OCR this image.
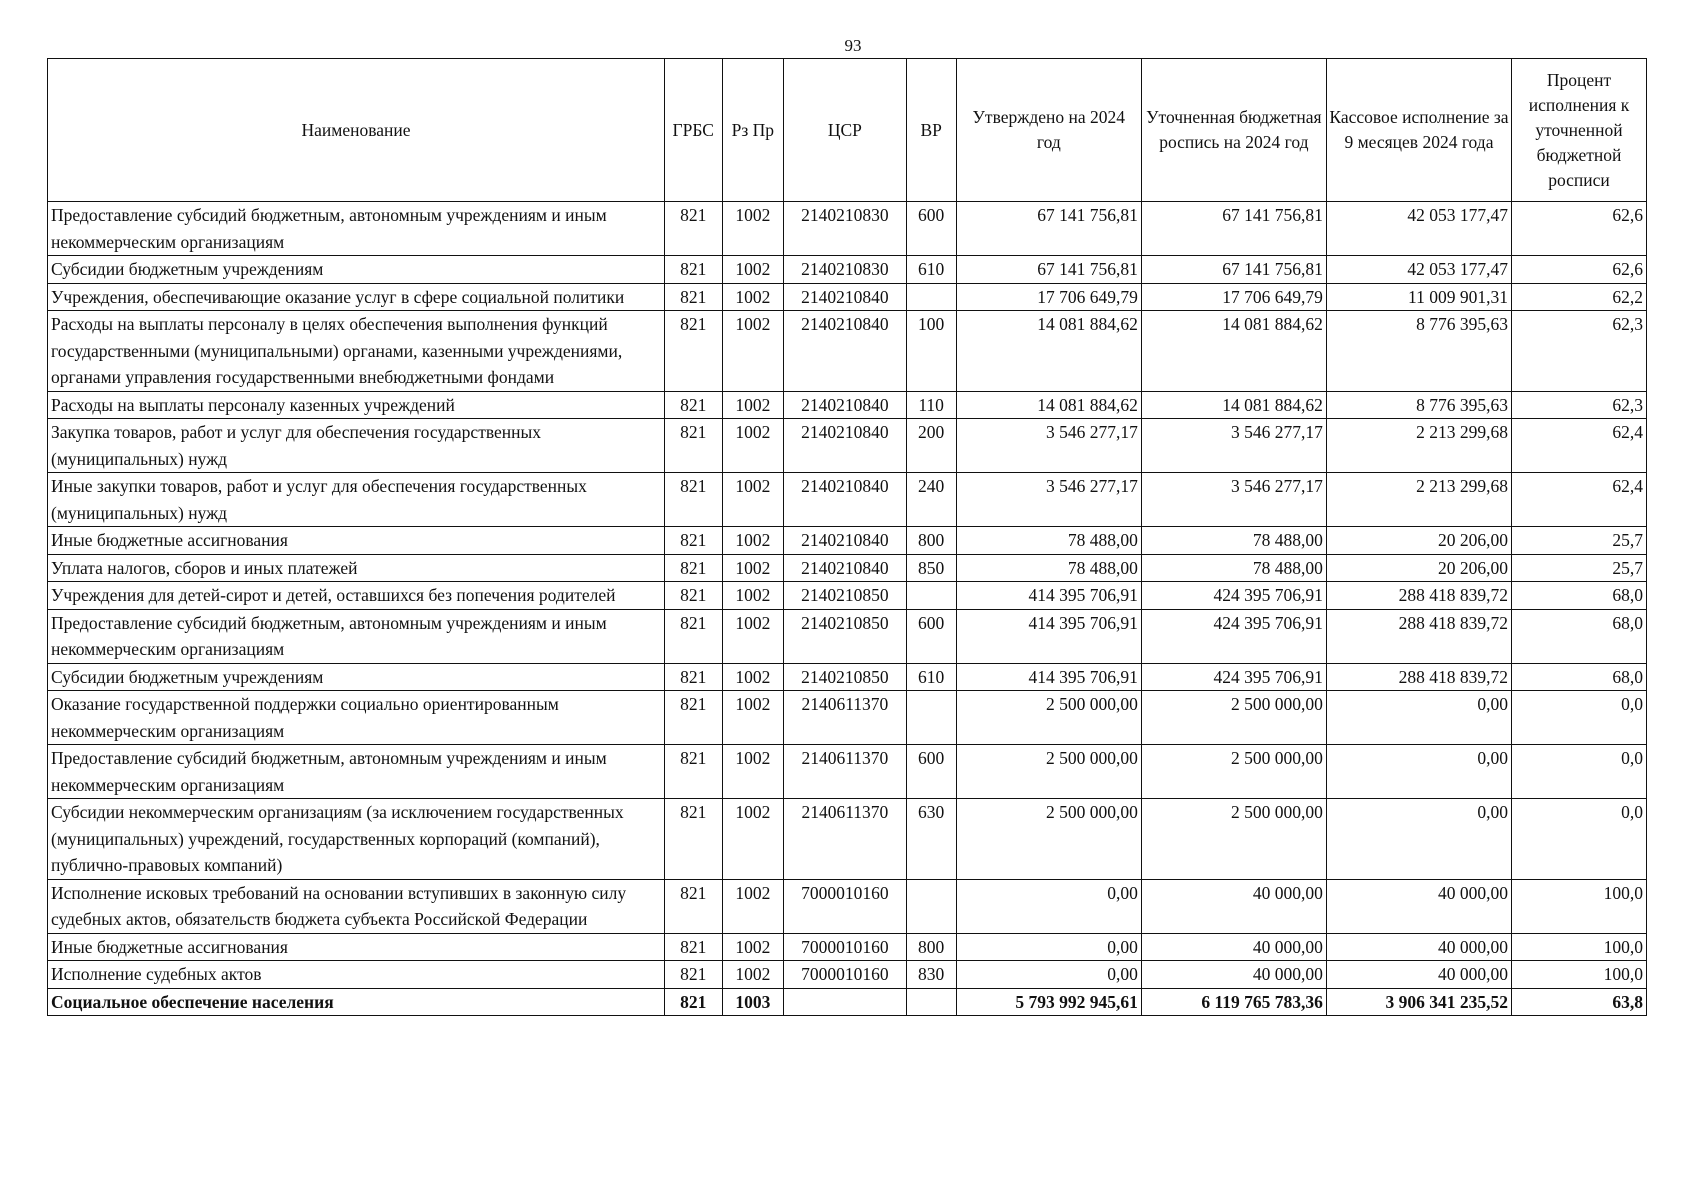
93
Наименование	ГРБС	Рз Пр	ЦСР	ВР	Утверждено на 2024 год	Уточненная бюджетная роспись на 2024 год	Кассовое исполнение за 9 месяцев 2024 года	Процент исполнения к уточненной бюджетной росписи
Предоставление субсидий бюджетным, автономным учреждениям и иным некоммерческим организациям	821	1002	2140210830	600	67 141 756,81	67 141 756,81	42 053 177,47	62,6
Субсидии бюджетным учреждениям	821	1002	2140210830	610	67 141 756,81	67 141 756,81	42 053 177,47	62,6
Учреждения, обеспечивающие оказание услуг в сфере социальной политики	821	1002	2140210840		17 706 649,79	17 706 649,79	11 009 901,31	62,2
Расходы на выплаты персоналу в целях обеспечения выполнения функций государственными (муниципальными) органами, казенными учреждениями, органами управления государственными внебюджетными фондами	821	1002	2140210840	100	14 081 884,62	14 081 884,62	8 776 395,63	62,3
Расходы на выплаты персоналу казенных учреждений	821	1002	2140210840	110	14 081 884,62	14 081 884,62	8 776 395,63	62,3
Закупка товаров, работ и услуг для обеспечения государственных (муниципальных) нужд	821	1002	2140210840	200	3 546 277,17	3 546 277,17	2 213 299,68	62,4
Иные закупки товаров, работ и услуг для обеспечения государственных (муниципальных) нужд	821	1002	2140210840	240	3 546 277,17	3 546 277,17	2 213 299,68	62,4
Иные бюджетные ассигнования	821	1002	2140210840	800	78 488,00	78 488,00	20 206,00	25,7
Уплата налогов, сборов и иных платежей	821	1002	2140210840	850	78 488,00	78 488,00	20 206,00	25,7
Учреждения для детей-сирот и детей, оставшихся без попечения родителей	821	1002	2140210850		414 395 706,91	424 395 706,91	288 418 839,72	68,0
Предоставление субсидий бюджетным, автономным учреждениям и иным некоммерческим организациям	821	1002	2140210850	600	414 395 706,91	424 395 706,91	288 418 839,72	68,0
Субсидии бюджетным учреждениям	821	1002	2140210850	610	414 395 706,91	424 395 706,91	288 418 839,72	68,0
Оказание государственной поддержки социально ориентированным некоммерческим организациям	821	1002	2140611370		2 500 000,00	2 500 000,00	0,00	0,0
Предоставление субсидий бюджетным, автономным учреждениям и иным некоммерческим организациям	821	1002	2140611370	600	2 500 000,00	2 500 000,00	0,00	0,0
Субсидии некоммерческим организациям (за исключением государственных (муниципальных) учреждений, государственных корпораций (компаний), публично-правовых компаний)	821	1002	2140611370	630	2 500 000,00	2 500 000,00	0,00	0,0
Исполнение исковых требований на основании вступивших в законную силу судебных актов, обязательств бюджета субъекта Российской Федерации	821	1002	7000010160		0,00	40 000,00	40 000,00	100,0
Иные бюджетные ассигнования	821	1002	7000010160	800	0,00	40 000,00	40 000,00	100,0
Исполнение судебных актов	821	1002	7000010160	830	0,00	40 000,00	40 000,00	100,0
Социальное обеспечение населения	821	1003			5 793 992 945,61	6 119 765 783,36	3 906 341 235,52	63,8
